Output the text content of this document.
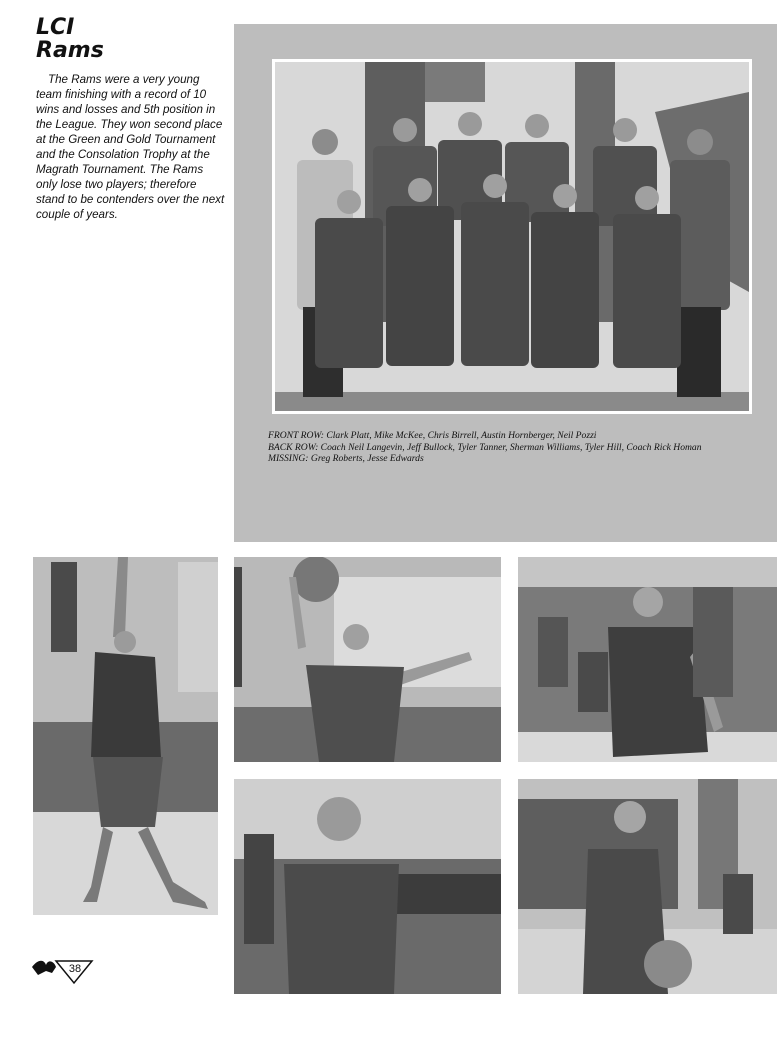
LCI
Rams

The Rams were a very young team finishing with a record of 10 wins and losses and 5th position in the League. They won second place at the Green and Gold Tournament and the Consolation Trophy at the Magrath Tournament. The Rams only lose two players; therefore stand to be contenders over the next couple of years.

FRONT ROW: Clark Platt, Mike McKee, Chris Birrell, Austin Hornberger, Neil Pozzi
BACK ROW: Coach Neil Langevin, Jeff Bullock, Tyler Tanner, Sherman Williams, Tyler Hill, Coach Rick Homan
MISSING: Greg Roberts, Jesse Edwards
38
